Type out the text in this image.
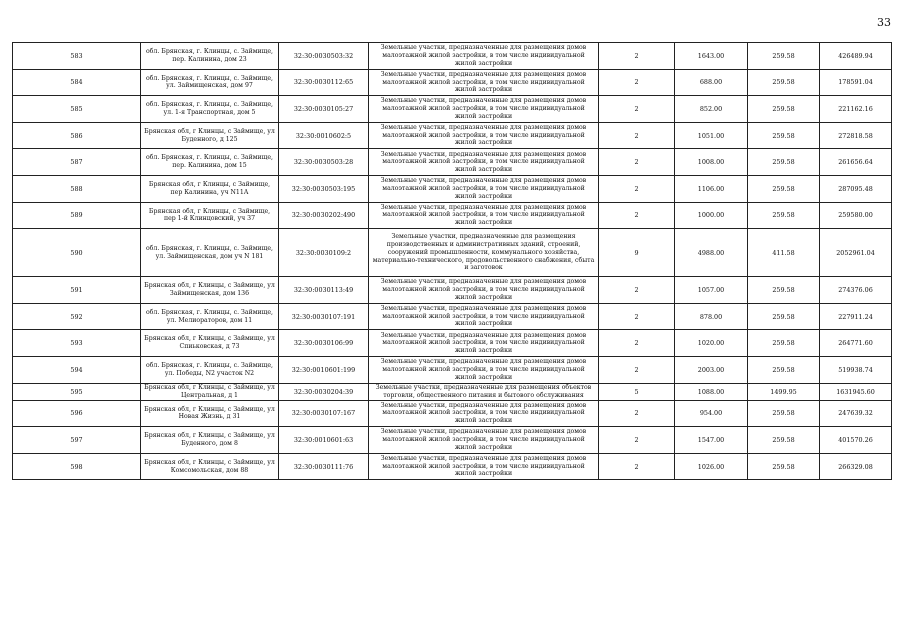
33
583	обл. Брянская, г. Клинцы, с. Займище, пер. Калинина, дом 23	32:30:0030503:32	Земельные участки, предназначенные для размещения домов малоэтажной жилой застройки, в том числе индивидуальной жилой застройки	2	1643.00	259.58	426489.94
584	обл. Брянская, г. Клинцы, с. Займище, ул. Займищенская, дом 97	32:30:0030112:65	Земельные участки, предназначенные для размещения домов малоэтажной жилой застройки, в том числе индивидуальной жилой застройки	2	688.00	259.58	178591.04
585	обл. Брянская, г. Клинцы, с. Займище, ул. 1-я Транспортная, дом 5	32:30:0030105:27	Земельные участки, предназначенные для размещения домов малоэтажной жилой застройки, в том числе индивидуальной жилой застройки	2	852.00	259.58	221162.16
586	Брянская обл, г Клинцы, с Займище, ул Буденного, д 125	32:30:0010602:5	Земельные участки, предназначенные для размещения домов малоэтажной жилой застройки, в том числе индивидуальной жилой застройки	2	1051.00	259.58	272818.58
587	обл. Брянская, г. Клинцы, с. Займище, пер. Калинина, дом 15	32:30:0030503:28	Земельные участки, предназначенные для размещения домов малоэтажной жилой застройки, в том числе индивидуальной жилой застройки	2	1008.00	259.58	261656.64
588	Брянская обл, г Клинцы, с Займище, пер Калинина, уч N11А	32:30:0030503:195	Земельные участки, предназначенные для размещения домов малоэтажной жилой застройки, в том числе индивидуальной жилой застройки	2	1106.00	259.58	287095.48
589	Брянская обл, г Клинцы, с Займище, пер 1-й Клинцовский, уч 37	32:30:0030202:490	Земельные участки, предназначенные для размещения домов малоэтажной жилой застройки, в том числе индивидуальной жилой застройки	2	1000.00	259.58	259580.00
590	обл. Брянская, г. Клинцы, с. Займище, ул. Займищенская, дом уч N 181	32:30:0030109:2	Земельные участки, предназначенные для размещения производственных и административных зданий, строений, сооружений промышленности, коммунального хозяйства, материально-технического, продовольственного снабжения, сбыта и заготовок	9	4988.00	411.58	2052961.04
591	Брянская обл, г Клинцы, с Займище, ул Займищенская, дом 136	32:30:0030113:49	Земельные участки, предназначенные для размещения домов малоэтажной жилой застройки, в том числе индивидуальной жилой застройки	2	1057.00	259.58	274376.06
592	обл. Брянская, г. Клинцы, с. Займище, ул. Мелиораторов, дом 11	32:30:0030107:191	Земельные участки, предназначенные для размещения домов малоэтажной жилой застройки, в том числе индивидуальной жилой застройки	2	878.00	259.58	227911.24
593	Брянская обл, г Клинцы, с Займище, ул Спиьковская, д 73	32:30:0030106:99	Земельные участки, предназначенные для размещения домов малоэтажной жилой застройки, в том числе индивидуальной жилой застройки	2	1020.00	259.58	264771.60
594	обл. Брянская, г. Клинцы, с. Займище, ул. Победы, N2 участок N2	32:30:0010601:199	Земельные участки, предназначенные для размещения домов малоэтажной жилой застройки, в том числе индивидуальной жилой застройки	2	2003.00	259.58	519938.74
595	Брянская обл, г Клинцы, с Займище, ул Центральная, д 1	32:30:0030204:39	Земельные участки, предназначенные для размещения объектов торговли, общественного питания и бытового обслуживания	5	1088.00	1499.95	1631945.60
596	Брянская обл, г Клинцы, с Займище, ул Новая Жизнь, д 31	32:30:0030107:167	Земельные участки, предназначенные для размещения домов малоэтажной жилой застройки, в том числе индивидуальной жилой застройки	2	954.00	259.58	247639.32
597	Брянская обл, г Клинцы, с Займище, ул Буденного, дом 8	32:30:0010601:63	Земельные участки, предназначенные для размещения домов малоэтажной жилой застройки, в том числе индивидуальной жилой застройки	2	1547.00	259.58	401570.26
598	Брянская обл, г Клинцы, с Займище, ул Комсомольская, дом 88	32:30:0030111:76	Земельные участки, предназначенные для размещения домов малоэтажной жилой застройки, в том числе индивидуальной жилой застройки	2	1026.00	259.58	266329.08
